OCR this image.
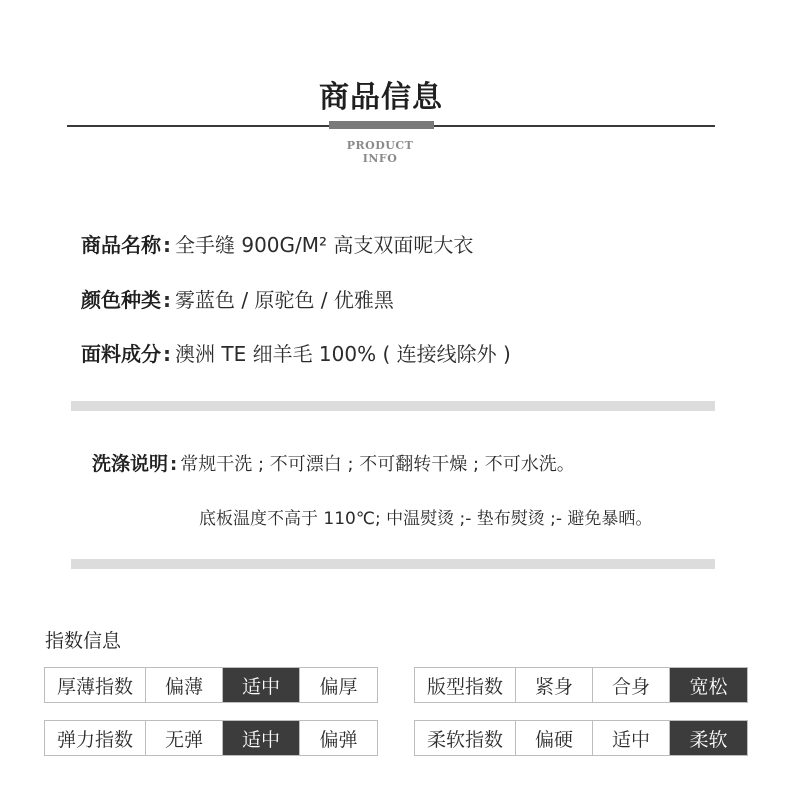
商品信息
PRODUCT INFO
商品名称 : 全手缝 900G/M² 高支双面呢大衣
颜色种类 : 雾蓝色 / 原驼色 / 优雅黑
面料成分 : 澳洲 TE 细羊毛 100% ( 连接线除外 )
洗涤说明 : 常规干洗 ; 不可漂白 ; 不可翻转干燥 ; 不可水洗。
底板温度不高于 110℃; 中温熨烫 ;- 垫布熨烫 ;- 避免暴晒。
指数信息
厚薄指数	偏薄	适中	偏厚	版型指数	紧身	合身	宽松
弹力指数	无弹	适中	偏弹	柔软指数	偏硬	适中	柔软
